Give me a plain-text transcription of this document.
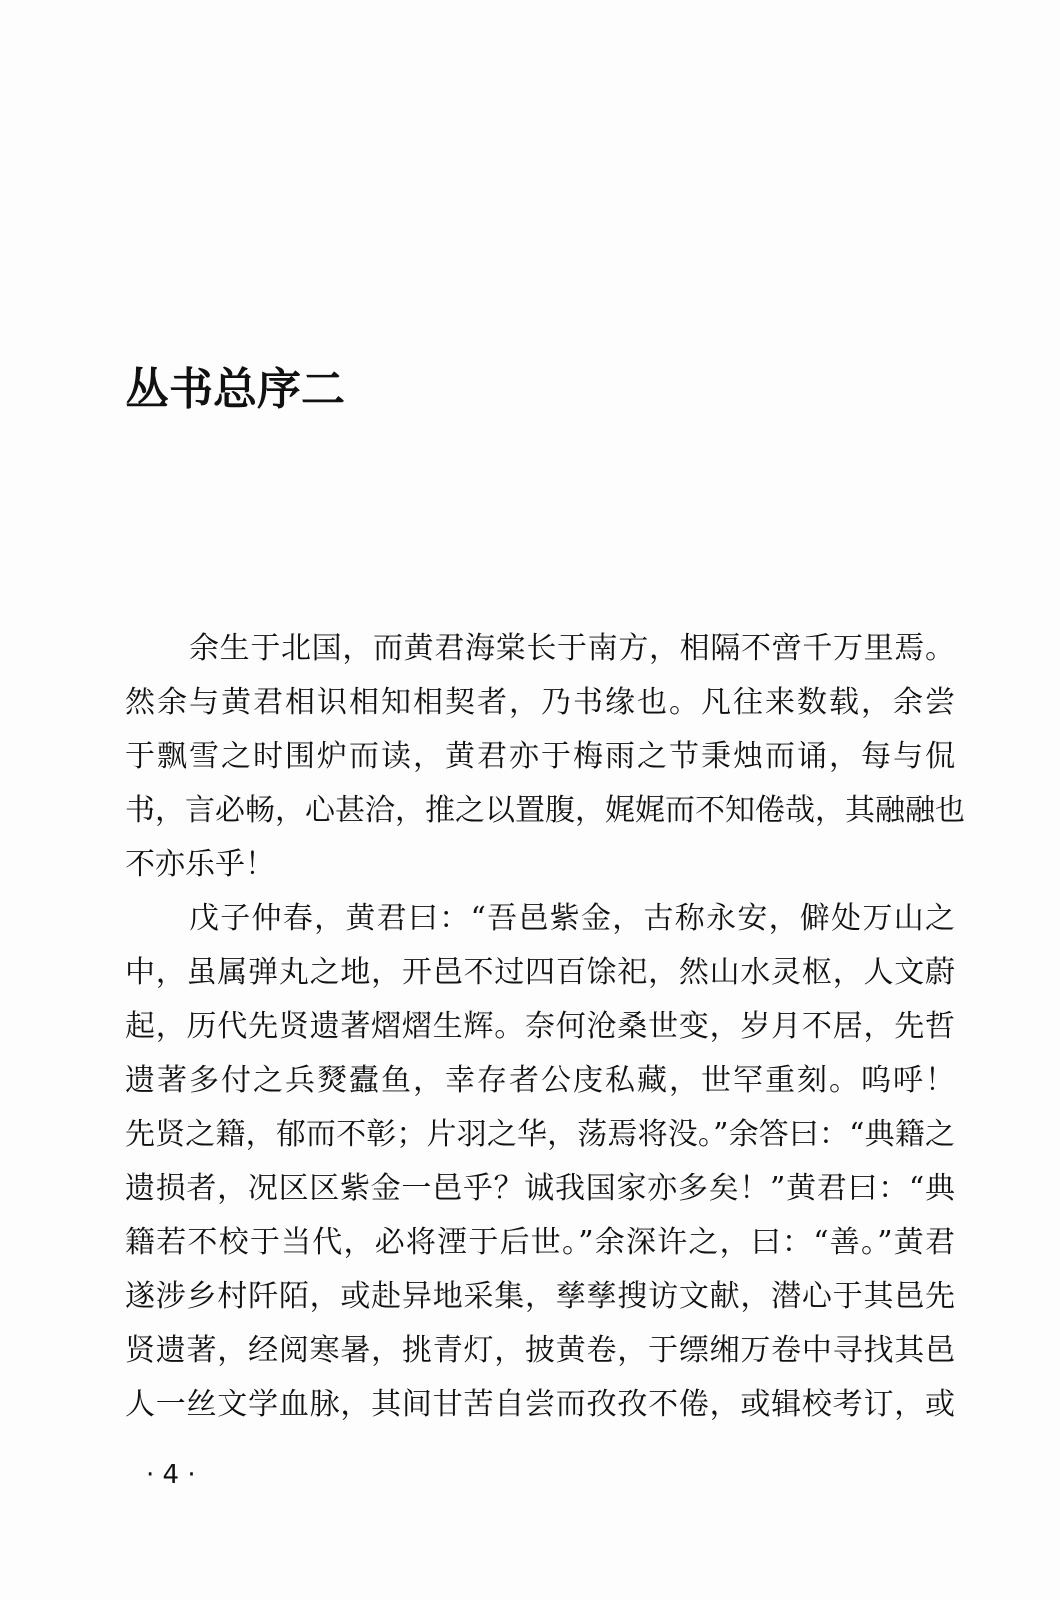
丛书总序二
余生于北国，而黄君海棠长于南方，相隔不啻千万里焉。
然余与黄君相识相知相契者，乃书缘也。凡往来数载，余尝
于飘雪之时围炉而读，黄君亦于梅雨之节秉烛而诵，每与侃
书，言必畅，心甚洽，推之以置腹，娓娓而不知倦哉，其融融也
不亦乐乎！
戊子仲春，黄君曰：“吾邑紫金，古称永安，僻处万山之
中，虽属弹丸之地，开邑不过四百馀祀，然山水灵枢，人文蔚
起，历代先贤遗著熠熠生辉。奈何沧桑世变，岁月不居，先哲
遗著多付之兵燹蠹鱼，幸存者公庋私藏，世罕重刻。呜呼！
先贤之籍，郁而不彰；片羽之华，荡焉将没。”余答曰：“典籍之
遗损者，况区区紫金一邑乎？诚我国家亦多矣！”黄君曰：“典
籍若不校于当代，必将湮于后世。”余深许之，曰：“善。”黄君
遂涉乡村阡陌，或赴异地采集，孳孳搜访文献，潜心于其邑先
贤遗著，经阅寒暑，挑青灯，披黄卷，于缥缃万卷中寻找其邑
人一丝文学血脉，其间甘苦自尝而孜孜不倦，或辑校考订，或
· 4 ·
